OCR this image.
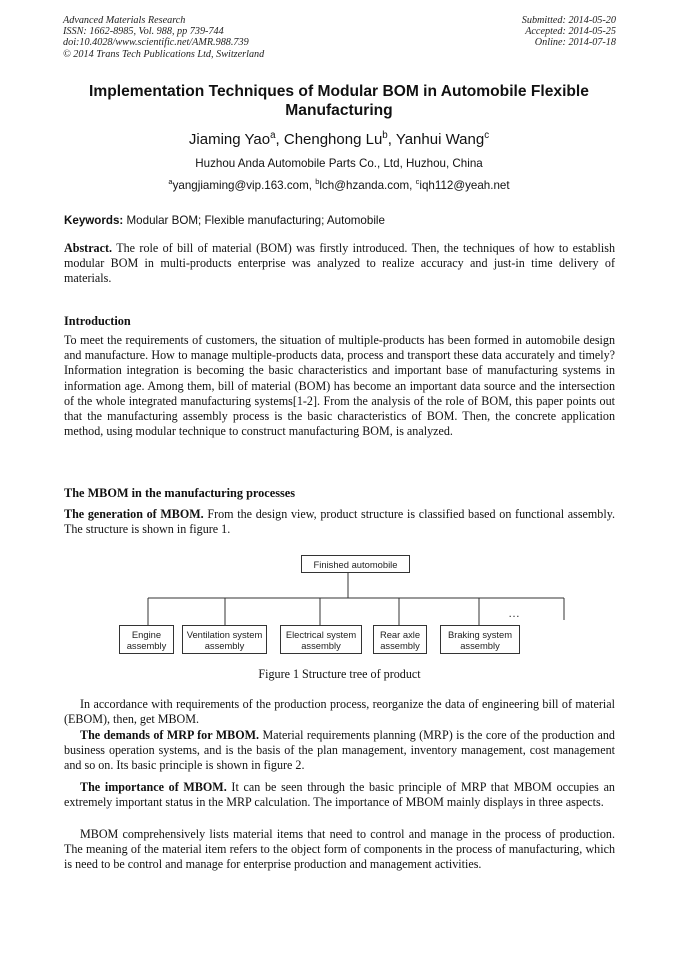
Advanced Materials Research
ISSN: 1662-8985, Vol. 988, pp 739-744
doi:10.4028/www.scientific.net/AMR.988.739
© 2014 Trans Tech Publications Ltd, Switzerland
Submitted: 2014-05-20
Accepted: 2014-05-25
Online: 2014-07-18
Implementation Techniques of Modular BOM in Automobile Flexible Manufacturing
Jiaming Yao$^a$, Chenghong Lu$^b$, Yanhui Wang$^c$
Huzhou Anda Automobile Parts Co., Ltd, Huzhou, China
$^a$yangjiaming@vip.163.com, $^b$lch@hzanda.com, $^c$iqh112@yeah.net
Keywords: Modular BOM; Flexible manufacturing; Automobile
Abstract. The role of bill of material (BOM) was firstly introduced. Then, the techniques of how to establish modular BOM in multi-products enterprise was analyzed to realize accuracy and just-in time delivery of materials.
Introduction
To meet the requirements of customers, the situation of multiple-products has been formed in automobile design and manufacture. How to manage multiple-products data, process and transport these data accurately and timely? Information integration is becoming the basic characteristics and important base of manufacturing systems in information age. Among them, bill of material (BOM) has become an important data source and the intersection of the whole integrated manufacturing systems[1-2]. From the analysis of the role of BOM, this paper points out that the manufacturing assembly process is the basic characteristics of BOM. Then, the concrete application method, using modular technique to construct manufacturing BOM, is analyzed.
The MBOM in the manufacturing processes
The generation of MBOM. From the design view, product structure is classified based on functional assembly. The structure is shown in figure 1.
Finished automobile
Engine assembly
Ventilation system assembly
Electrical system assembly
Rear axle assembly
Braking system assembly
…
Figure 1 Structure tree of product
In accordance with requirements of the production process, reorganize the data of engineering bill of material (EBOM), then, get MBOM.
The demands of MRP for MBOM. Material requirements planning (MRP) is the core of the production and business operation systems, and is the basis of the plan management, inventory management, cost management and so on. Its basic principle is shown in figure 2.
The importance of MBOM. It can be seen through the basic principle of MRP that MBOM occupies an extremely important status in the MRP calculation. The importance of MBOM mainly displays in three aspects.
MBOM comprehensively lists material items that need to control and manage in the process of production. The meaning of the material item refers to the object form of components in the process of manufacturing, which is need to be control and manage for enterprise production and management activities.
